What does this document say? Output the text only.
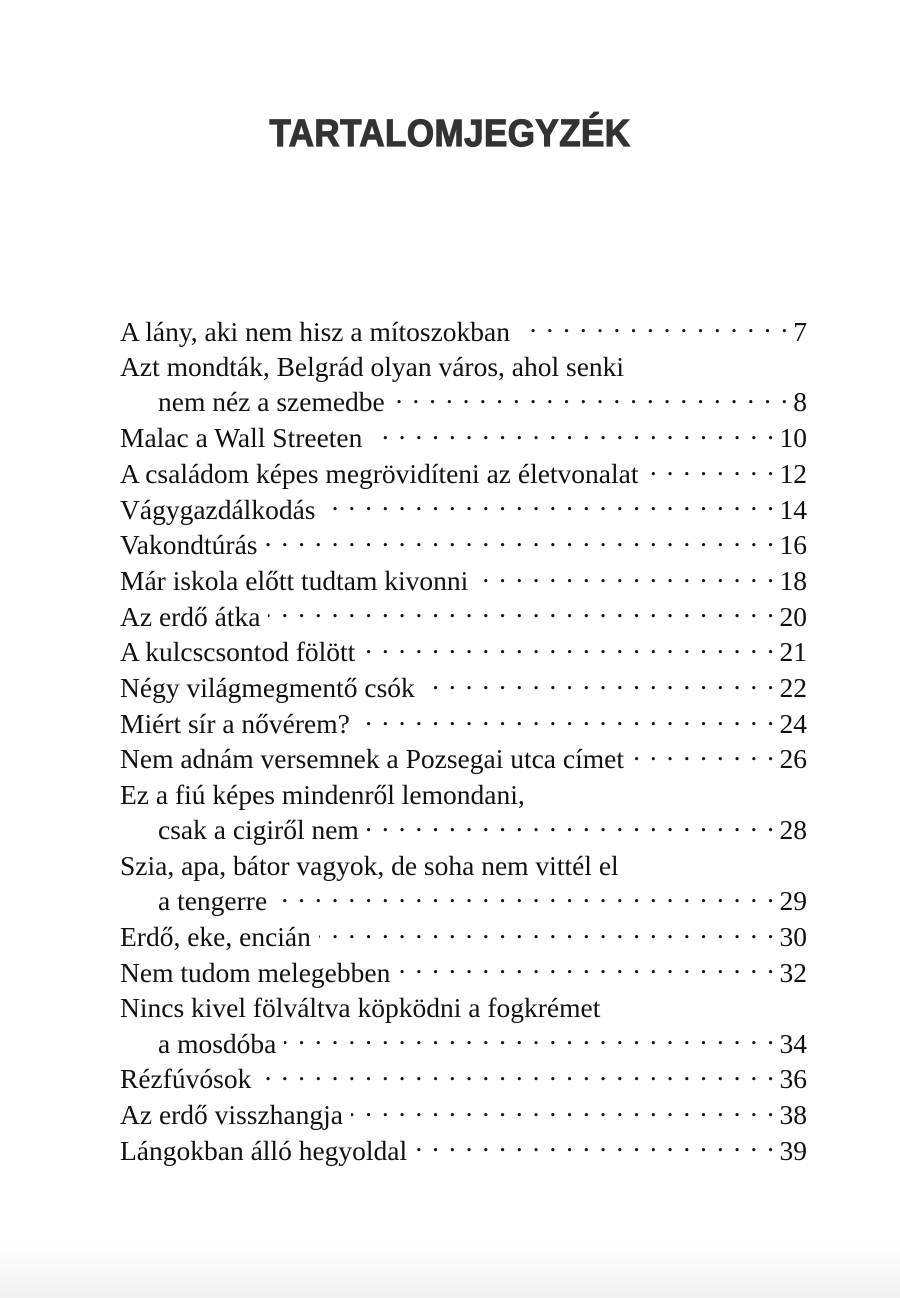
TARTALOMJEGYZÉK
A lány, aki nem hisz a mítoszokban . . .	7
Azt mondták, Belgrád olyan város, ahol senki
nem néz a szemedbe . . .	8
Malac a Wall Streeten . . .	10
A családom képes megrövidíteni az életvonalat . . .	12
Vágygazdálkodás . . .	14
Vakondtúrás . . .	16
Már iskola előtt tudtam kivonni . . .	18
Az erdő átka . . .	20
A kulcscsontod fölött . . .	21
Négy világmegmentő csók . . .	22
Miért sír a nővérem? . . .	24
Nem adnám versemnek a Pozsegai utca címet . . .	26
Ez a fiú képes mindenről lemondani,
csak a cigiről nem . . .	28
Szia, apa, bátor vagyok, de soha nem vittél el
a tengerre . . .	29
Erdő, eke, encián . . .	30
Nem tudom melegebben . . .	32
Nincs kivel fölváltva köpködni a fogkrémet
a mosdóba . . .	34
Rézfúvósok . . .	36
Az erdő visszhangja . . .	38
Lángokban álló hegyoldal . . .	39
